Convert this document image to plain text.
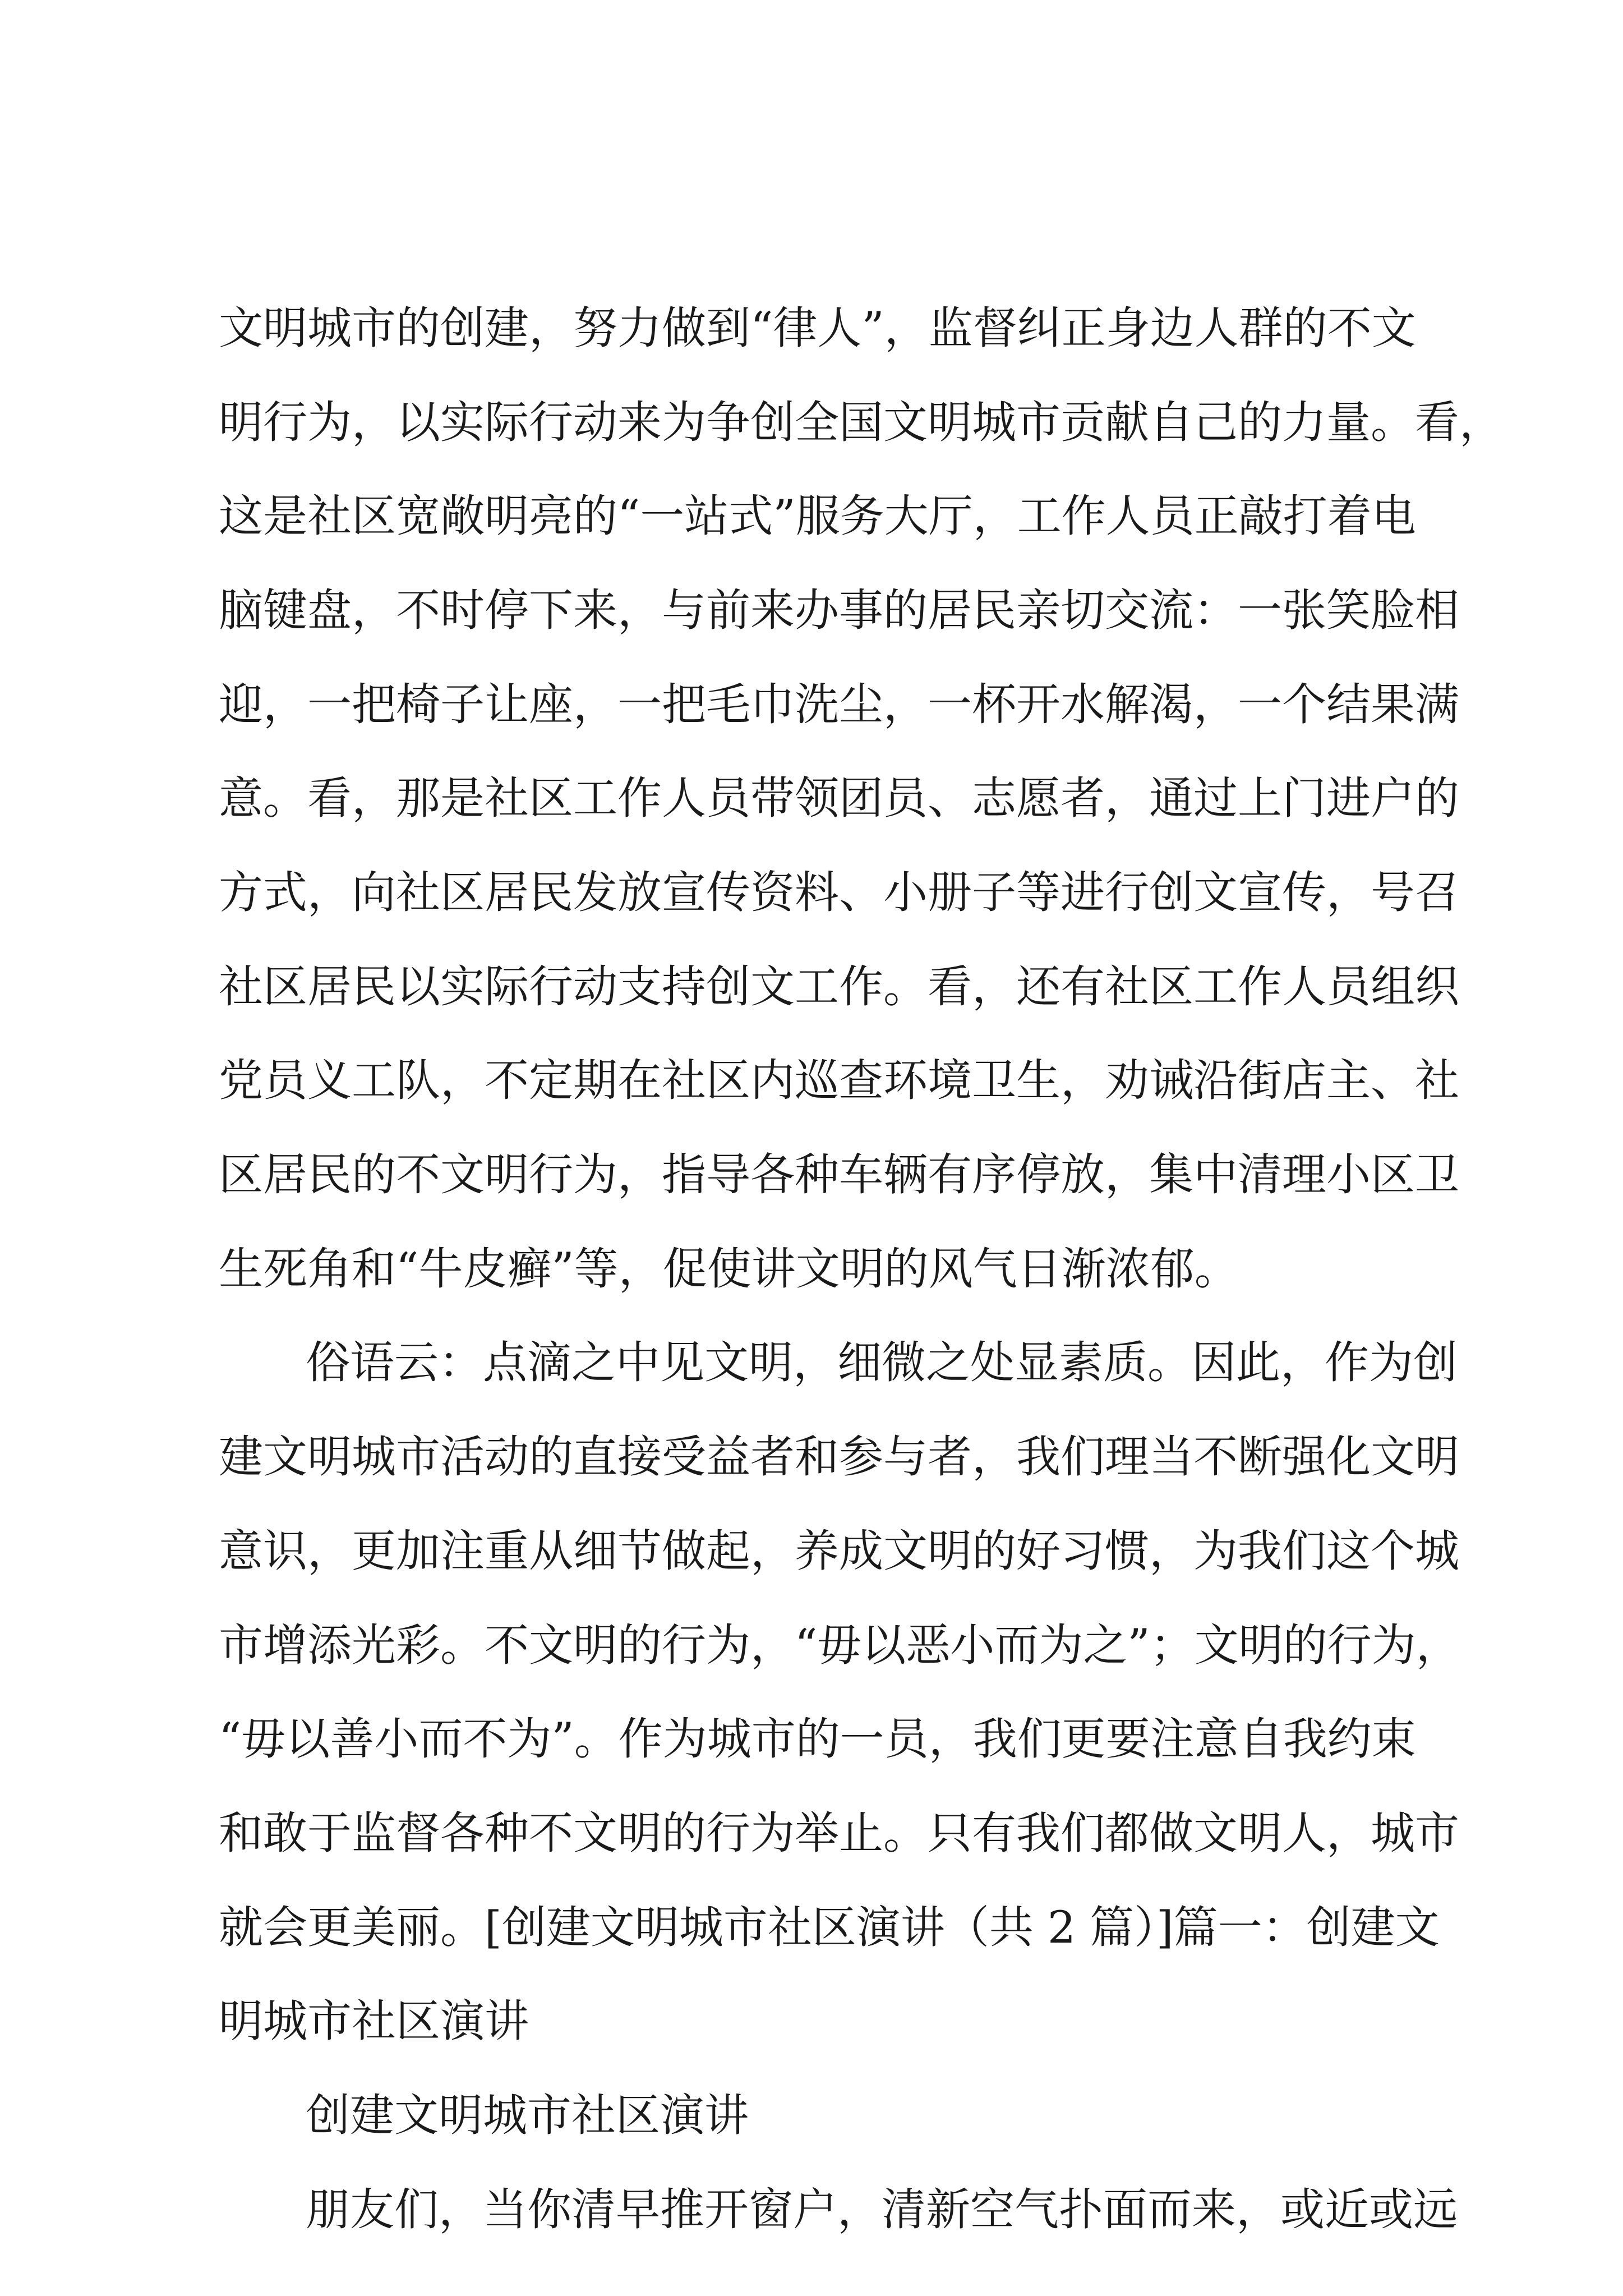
文明城市的创建，努力做到“律人”，监督纠正身边人群的不文
明行为，以实际行动来为争创全国文明城市贡献自己的力量。看，
这是社区宽敞明亮的“一站式”服务大厅，工作人员正敲打着电
脑键盘，不时停下来，与前来办事的居民亲切交流：一张笑脸相
迎，一把椅子让座，一把毛巾洗尘，一杯开水解渴，一个结果满
意。看，那是社区工作人员带领团员、志愿者，通过上门进户的
方式，向社区居民发放宣传资料、小册子等进行创文宣传，号召
社区居民以实际行动支持创文工作。看，还有社区工作人员组织
党员义工队，不定期在社区内巡查环境卫生，劝诫沿街店主、社
区居民的不文明行为，指导各种车辆有序停放，集中清理小区卫
生死角和“牛皮癣”等，促使讲文明的风气日渐浓郁。
俗语云：点滴之中见文明，细微之处显素质。因此，作为创
建文明城市活动的直接受益者和参与者，我们理当不断强化文明
意识，更加注重从细节做起，养成文明的好习惯，为我们这个城
市增添光彩。不文明的行为，“毋以恶小而为之”；文明的行为，
“毋以善小而不为”。作为城市的一员，我们更要注意自我约束
和敢于监督各种不文明的行为举止。只有我们都做文明人，城市
就会更美丽。[创建文明城市社区演讲（共 2 篇）]篇一：创建文
明城市社区演讲
创建文明城市社区演讲
朋友们，当你清早推开窗户，清新空气扑面而来，或近或远
